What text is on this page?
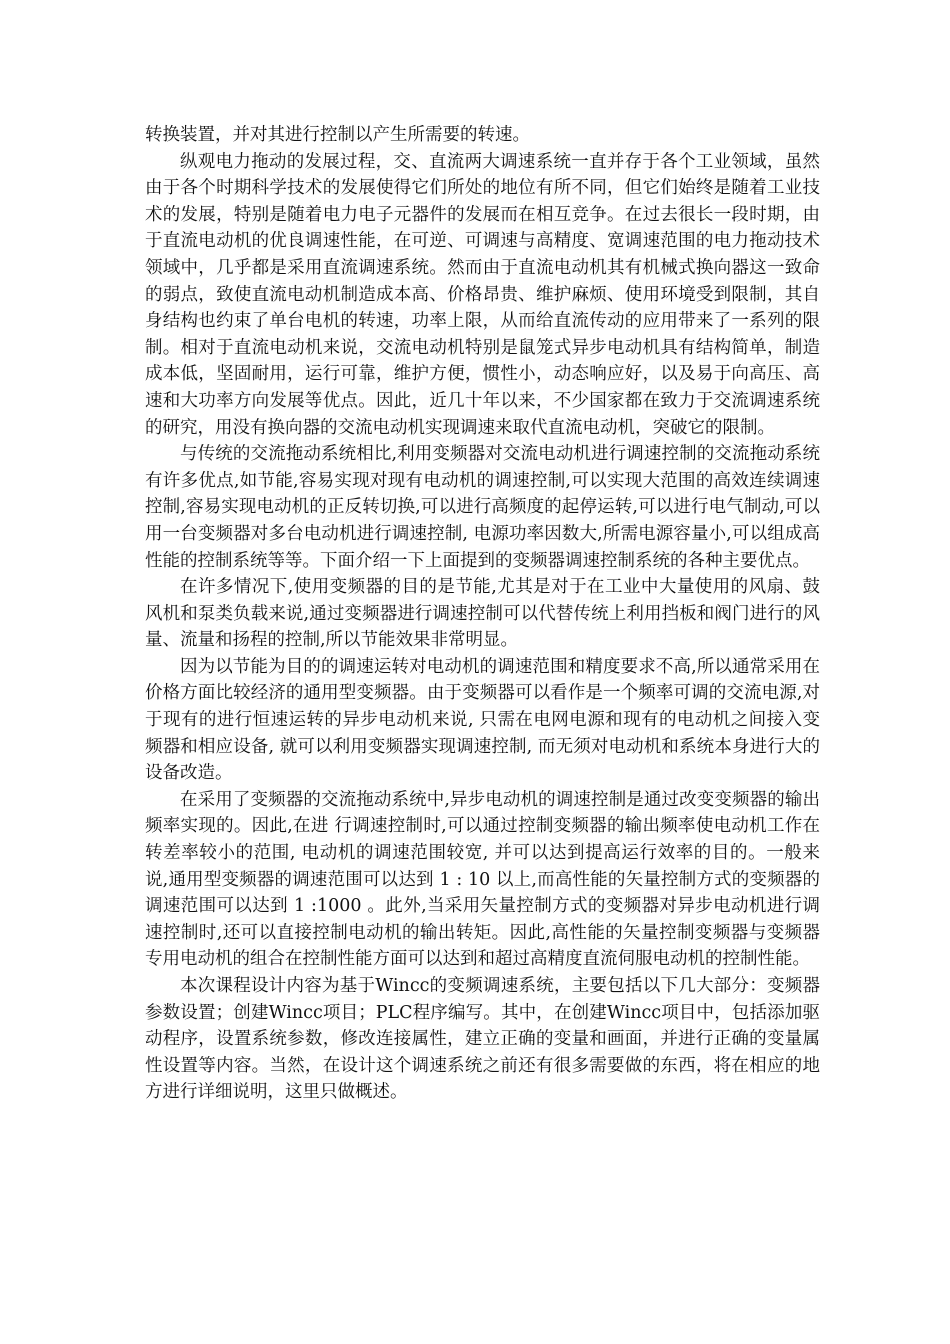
转换装置，并对其进行控制以产生所需要的转速。

纵观电力拖动的发展过程，交、直流两大调速系统一直并存于各个工业领域，虽然由于各个时期科学技术的发展使得它们所处的地位有所不同，但它们始终是随着工业技术的发展，特别是随着电力电子元器件的发展而在相互竞争。在过去很长一段时期，由于直流电动机的优良调速性能，在可逆、可调速与高精度、宽调速范围的电力拖动技术领域中，几乎都是采用直流调速系统。然而由于直流电动机其有机械式换向器这一致命的弱点，致使直流电动机制造成本高、价格昂贵、维护麻烦、使用环境受到限制，其自身结构也约束了单台电机的转速，功率上限，从而给直流传动的应用带来了一系列的限制。相对于直流电动机来说，交流电动机特别是鼠笼式异步电动机具有结构简单，制造成本低，坚固耐用，运行可靠，维护方便，惯性小，动态响应好，以及易于向高压、高速和大功率方向发展等优点。因此，近几十年以来，不少国家都在致力于交流调速系统的研究，用没有换向器的交流电动机实现调速来取代直流电动机，突破它的限制。

与传统的交流拖动系统相比,利用变频器对交流电动机进行调速控制的交流拖动系统有许多优点,如节能,容易实现对现有电动机的调速控制,可以实现大范围的高效连续调速控制,容易实现电动机的正反转切换,可以进行高频度的起停运转,可以进行电气制动,可以用一台变频器对多台电动机进行调速控制, 电源功率因数大,所需电源容量小,可以组成高性能的控制系统等等。下面介绍一下上面提到的变频器调速控制系统的各种主要优点。

在许多情况下,使用变频器的目的是节能,尤其是对于在工业中大量使用的风扇、鼓风机和泵类负载来说,通过变频器进行调速控制可以代替传统上利用挡板和阀门进行的风量、流量和扬程的控制,所以节能效果非常明显。

因为以节能为目的的调速运转对电动机的调速范围和精度要求不高,所以通常采用在价格方面比较经济的通用型变频器。由于变频器可以看作是一个频率可调的交流电源,对于现有的进行恒速运转的异步电动机来说, 只需在电网电源和现有的电动机之间接入变频器和相应设备, 就可以利用变频器实现调速控制, 而无须对电动机和系统本身进行大的设备改造。

在采用了变频器的交流拖动系统中,异步电动机的调速控制是通过改变变频器的输出频率实现的。因此,在进 行调速控制时,可以通过控制变频器的输出频率使电动机工作在转差率较小的范围, 电动机的调速范围较宽, 并可以达到提高运行效率的目的。一般来说,通用型变频器的调速范围可以达到 1 : 10 以上,而高性能的矢量控制方式的变频器的调速范围可以达到 1 :1000 。此外,当采用矢量控制方式的变频器对异步电动机进行调速控制时,还可以直接控制电动机的输出转矩。因此,高性能的矢量控制变频器与变频器专用电动机的组合在控制性能方面可以达到和超过高精度直流伺服电动机的控制性能。

本次课程设计内容为基于Wincc的变频调速系统，主要包括以下几大部分：变频器参数设置；创建Wincc项目；PLC程序编写。其中，在创建Wincc项目中，包括添加驱动程序，设置系统参数，修改连接属性，建立正确的变量和画面，并进行正确的变量属性设置等内容。当然，在设计这个调速系统之前还有很多需要做的东西，将在相应的地方进行详细说明，这里只做概述。
